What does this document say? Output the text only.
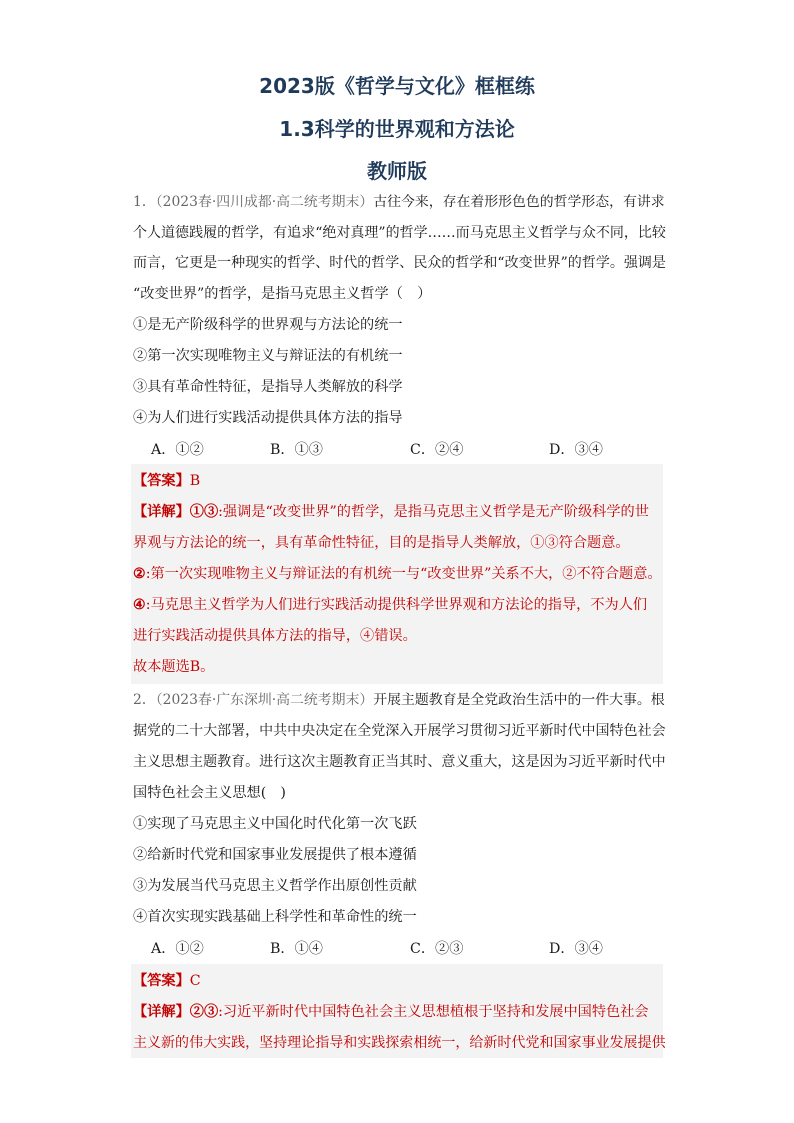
2023版《哲学与文化》框框练
1.3科学的世界观和方法论
教师版
1．（2023春·四川成都·高二统考期末）古往今来，存在着形形色色的哲学形态，有讲求
个人道德践履的哲学，有追求“绝对真理”的哲学……而马克思主义哲学与众不同，比较
而言，它更是一种现实的哲学、时代的哲学、民众的哲学和“改变世界”的哲学。强调是
“改变世界”的哲学，是指马克思主义哲学（　）
①是无产阶级科学的世界观与方法论的统一
②第一次实现唯物主义与辩证法的有机统一
③具有革命性特征，是指导人类解放的科学
④为人们进行实践活动提供具体方法的指导
A．①②	B．①③	C．②④	D．③④
【答案】B
【详解】①③:强调是“改变世界”的哲学，是指马克思主义哲学是无产阶级科学的世
界观与方法论的统一，具有革命性特征，目的是指导人类解放，①③符合题意。
②:第一次实现唯物主义与辩证法的有机统一与“改变世界”关系不大，②不符合题意。
④:马克思主义哲学为人们进行实践活动提供科学世界观和方法论的指导，不为人们
进行实践活动提供具体方法的指导，④错误。
故本题选B。
2．（2023春·广东深圳·高二统考期末）开展主题教育是全党政治生活中的一件大事。根
据党的二十大部署，中共中央决定在全党深入开展学习贯彻习近平新时代中国特色社会
主义思想主题教育。进行这次主题教育正当其时、意义重大，这是因为习近平新时代中
国特色社会主义思想(　)
①实现了马克思主义中国化时代化第一次飞跃
②给新时代党和国家事业发展提供了根本遵循
③为发展当代马克思主义哲学作出原创性贡献
④首次实现实践基础上科学性和革命性的统一
A．①②	B．①④	C．②③	D．③④
【答案】C
【详解】②③:习近平新时代中国特色社会主义思想植根于坚持和发展中国特色社会
主义新的伟大实践，坚持理论指导和实践探索相统一，给新时代党和国家事业发展提供
